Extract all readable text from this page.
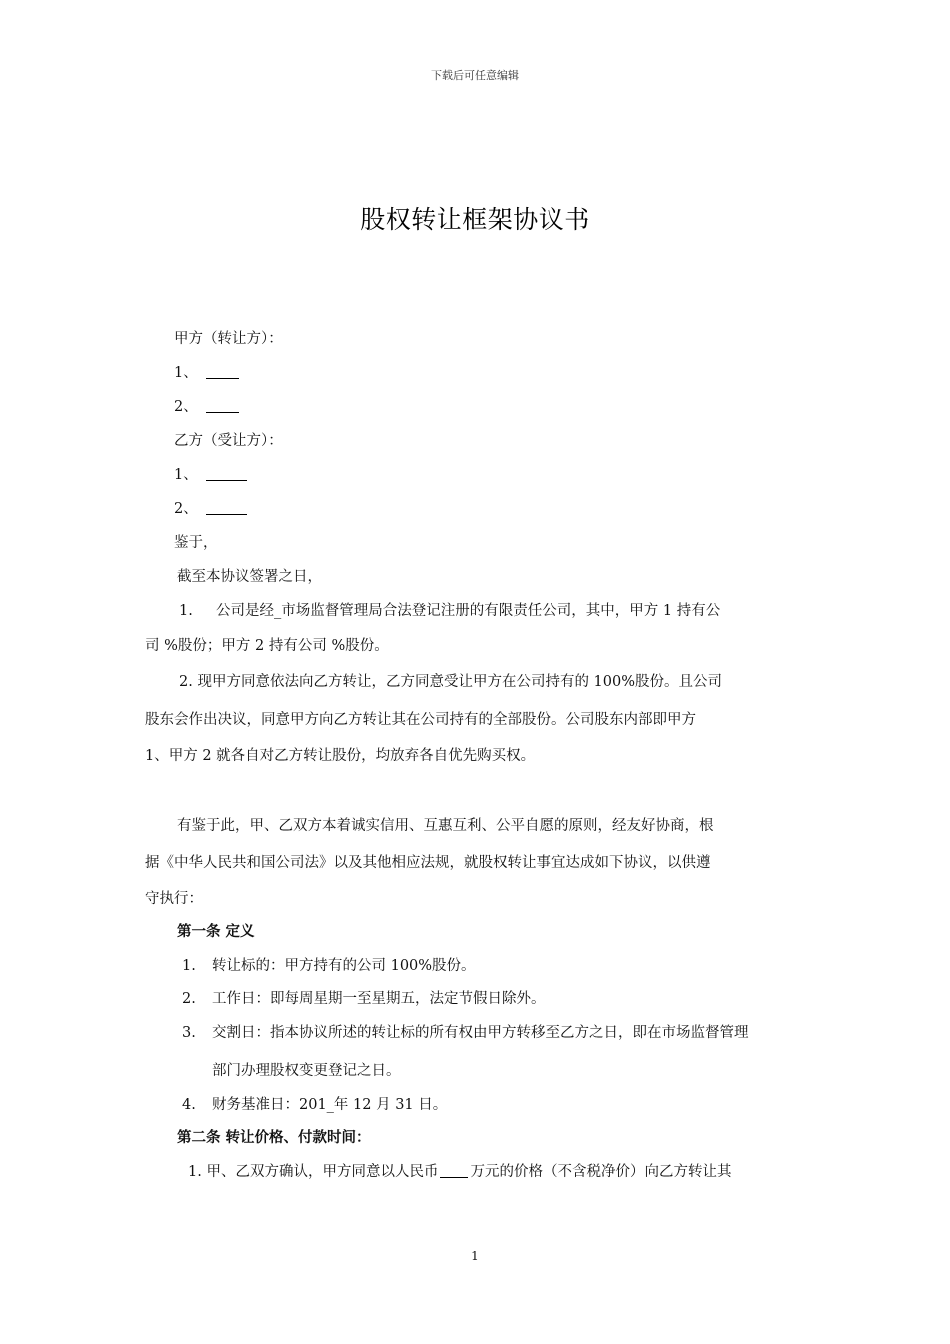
下载后可任意编辑
股权转让框架协议书
甲方（转让方）：
1、
2、
乙方（受让方）：
1、
2、
鉴于，
截至本协议签署之日，
1. 公司是经_市场监督管理局合法登记注册的有限责任公司，其中，甲方 1 持有公
司 %股份；甲方 2 持有公司 %股份。
2. 现甲方同意依法向乙方转让，乙方同意受让甲方在公司持有的 100%股份。且公司
股东会作出决议，同意甲方向乙方转让其在公司持有的全部股份。公司股东内部即甲方
1、甲方 2 就各自对乙方转让股份，均放弃各自优先购买权。
有鉴于此，甲、乙双方本着诚实信用、互惠互利、公平自愿的原则，经友好协商，根
据《中华人民共和国公司法》以及其他相应法规，就股权转让事宜达成如下协议，以供遵
守执行：
第一条 定义
1. 转让标的：甲方持有的公司 100%股份。
2. 工作日：即每周星期一至星期五，法定节假日除外。
3. 交割日：指本协议所述的转让标的所有权由甲方转移至乙方之日，即在市场监督管理
部门办理股权变更登记之日。
4. 财务基准日：201_年 12 月 31 日。
第二条 转让价格、付款时间：
1. 甲、乙双方确认，甲方同意以人民币 万元的价格（不含税净价）向乙方转让其
1
